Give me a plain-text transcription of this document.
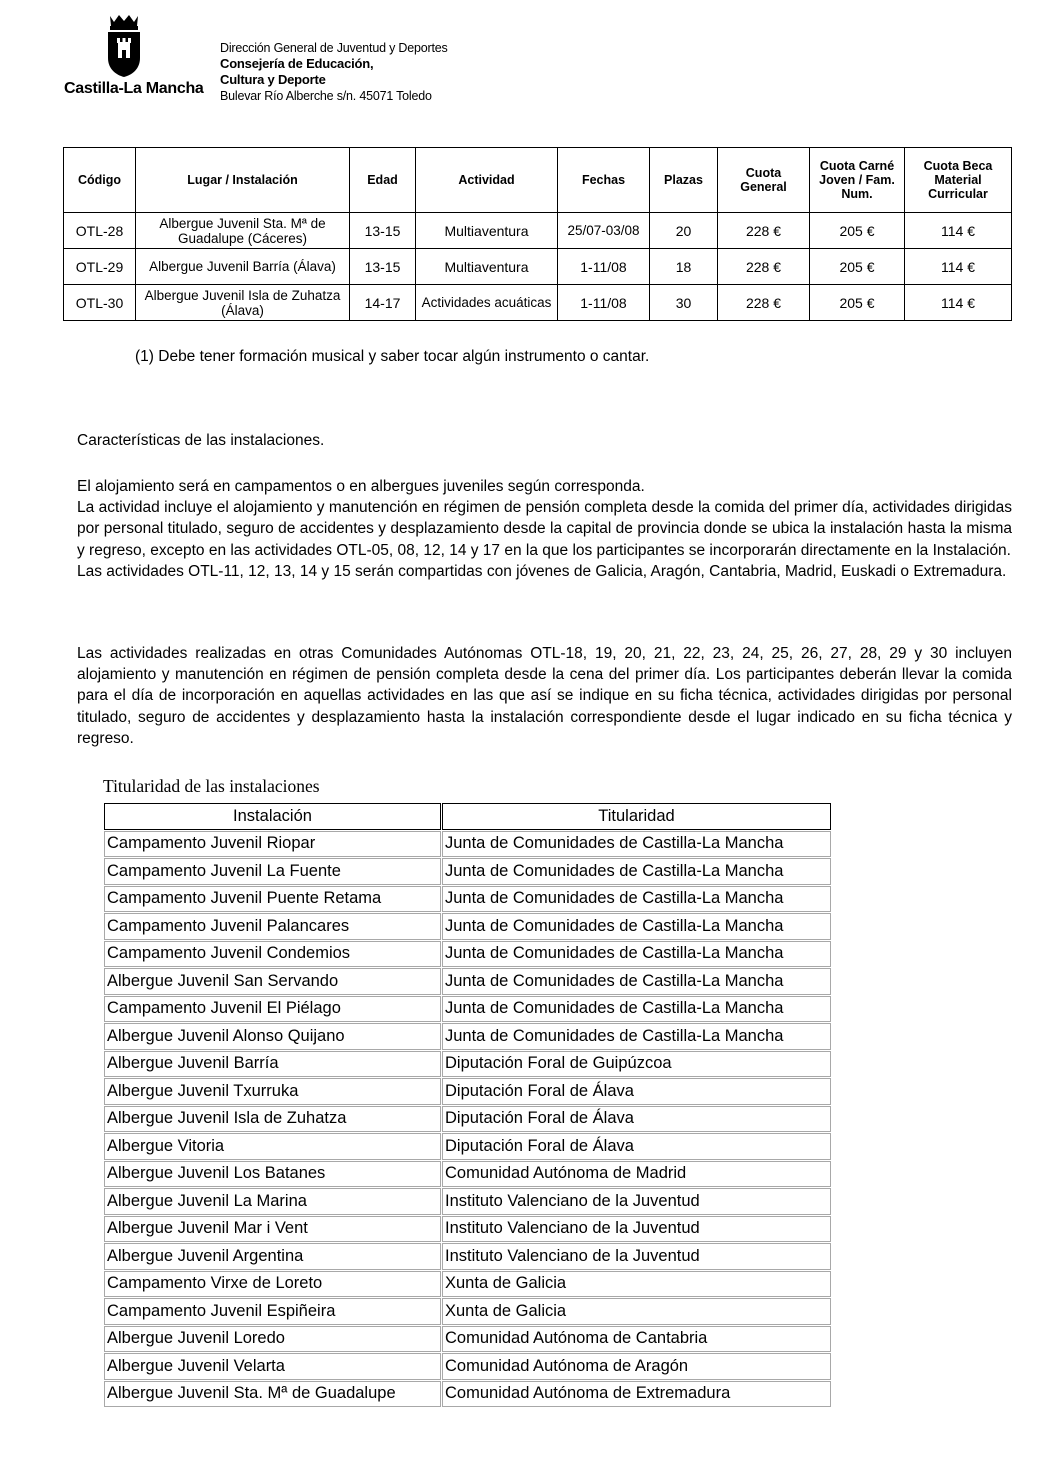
Castilla-La Mancha
Dirección General de Juventud y Deportes
Consejería de Educación,
Cultura y Deporte
Bulevar Río Alberche s/n. 45071 Toledo
Código	Lugar / Instalación	Edad	Actividad	Fechas	Plazas	Cuota General	Cuota Carné Joven / Fam. Num.	Cuota Beca Material Curricular
OTL-28	Albergue Juvenil Sta. Mª de Guadalupe (Cáceres)	13-15	Multiaventura	25/07-03/08	20	228 €	205 €	114 €
OTL-29	Albergue Juvenil Barría (Álava)	13-15	Multiaventura	1-11/08	18	228 €	205 €	114 €
OTL-30	Albergue Juvenil Isla de Zuhatza (Álava)	14-17	Actividades acuáticas	1-11/08	30	228 €	205 €	114 €
(1) Debe tener formación musical y saber tocar algún instrumento o cantar.
Características de las instalaciones.

El alojamiento será en campamentos o en albergues juveniles según corresponda.

La actividad incluye el alojamiento y manutención en régimen de pensión completa desde la comida del primer día, actividades dirigidas por personal titulado, seguro de accidentes y desplazamiento desde la capital de provincia donde se ubica la instalación hasta la misma y regreso, excepto en las actividades OTL-05, 08, 12, 14 y 17 en la que los participantes se incorporarán directamente en la Instalación.

Las actividades OTL-11, 12, 13, 14 y 15 serán compartidas con jóvenes de Galicia, Aragón, Cantabria, Madrid, Euskadi o Extremadura.

Las actividades realizadas en otras Comunidades Autónomas OTL-18, 19, 20, 21, 22, 23, 24, 25, 26, 27, 28, 29 y 30 incluyen alojamiento y manutención en régimen de pensión completa desde la cena del primer día. Los participantes deberán llevar la comida para el día de incorporación en aquellas actividades en las que así se indique en su ficha técnica, actividades dirigidas por personal titulado, seguro de accidentes y desplazamiento hasta la instalación correspondiente desde el lugar indicado en su ficha técnica y regreso.

Titularidad de las instalaciones
Instalación	Titularidad
Campamento Juvenil Riopar	Junta de Comunidades de Castilla-La Mancha
Campamento Juvenil La Fuente	Junta de Comunidades de Castilla-La Mancha
Campamento Juvenil Puente Retama	Junta de Comunidades de Castilla-La Mancha
Campamento Juvenil Palancares	Junta de Comunidades de Castilla-La Mancha
Campamento Juvenil Condemios	Junta de Comunidades de Castilla-La Mancha
Albergue Juvenil San Servando	Junta de Comunidades de Castilla-La Mancha
Campamento Juvenil El Piélago	Junta de Comunidades de Castilla-La Mancha
Albergue Juvenil Alonso Quijano	Junta de Comunidades de Castilla-La Mancha
Albergue Juvenil Barría	Diputación Foral de Guipúzcoa
Albergue Juvenil Txurruka	Diputación Foral de Álava
Albergue Juvenil Isla de Zuhatza	Diputación Foral de Álava
Albergue Vitoria	Diputación Foral de Álava
Albergue Juvenil Los Batanes	Comunidad Autónoma de Madrid
Albergue Juvenil La Marina	Instituto Valenciano de la Juventud
Albergue Juvenil Mar i Vent	Instituto Valenciano de la Juventud
Albergue Juvenil Argentina	Instituto Valenciano de la Juventud
Campamento Virxe de Loreto	Xunta de Galicia
Campamento Juvenil Espiñeira	Xunta de Galicia
Albergue Juvenil Loredo	Comunidad Autónoma de Cantabria
Albergue Juvenil Velarta	Comunidad Autónoma de Aragón
Albergue Juvenil Sta. Mª de Guadalupe	Comunidad Autónoma de Extremadura
